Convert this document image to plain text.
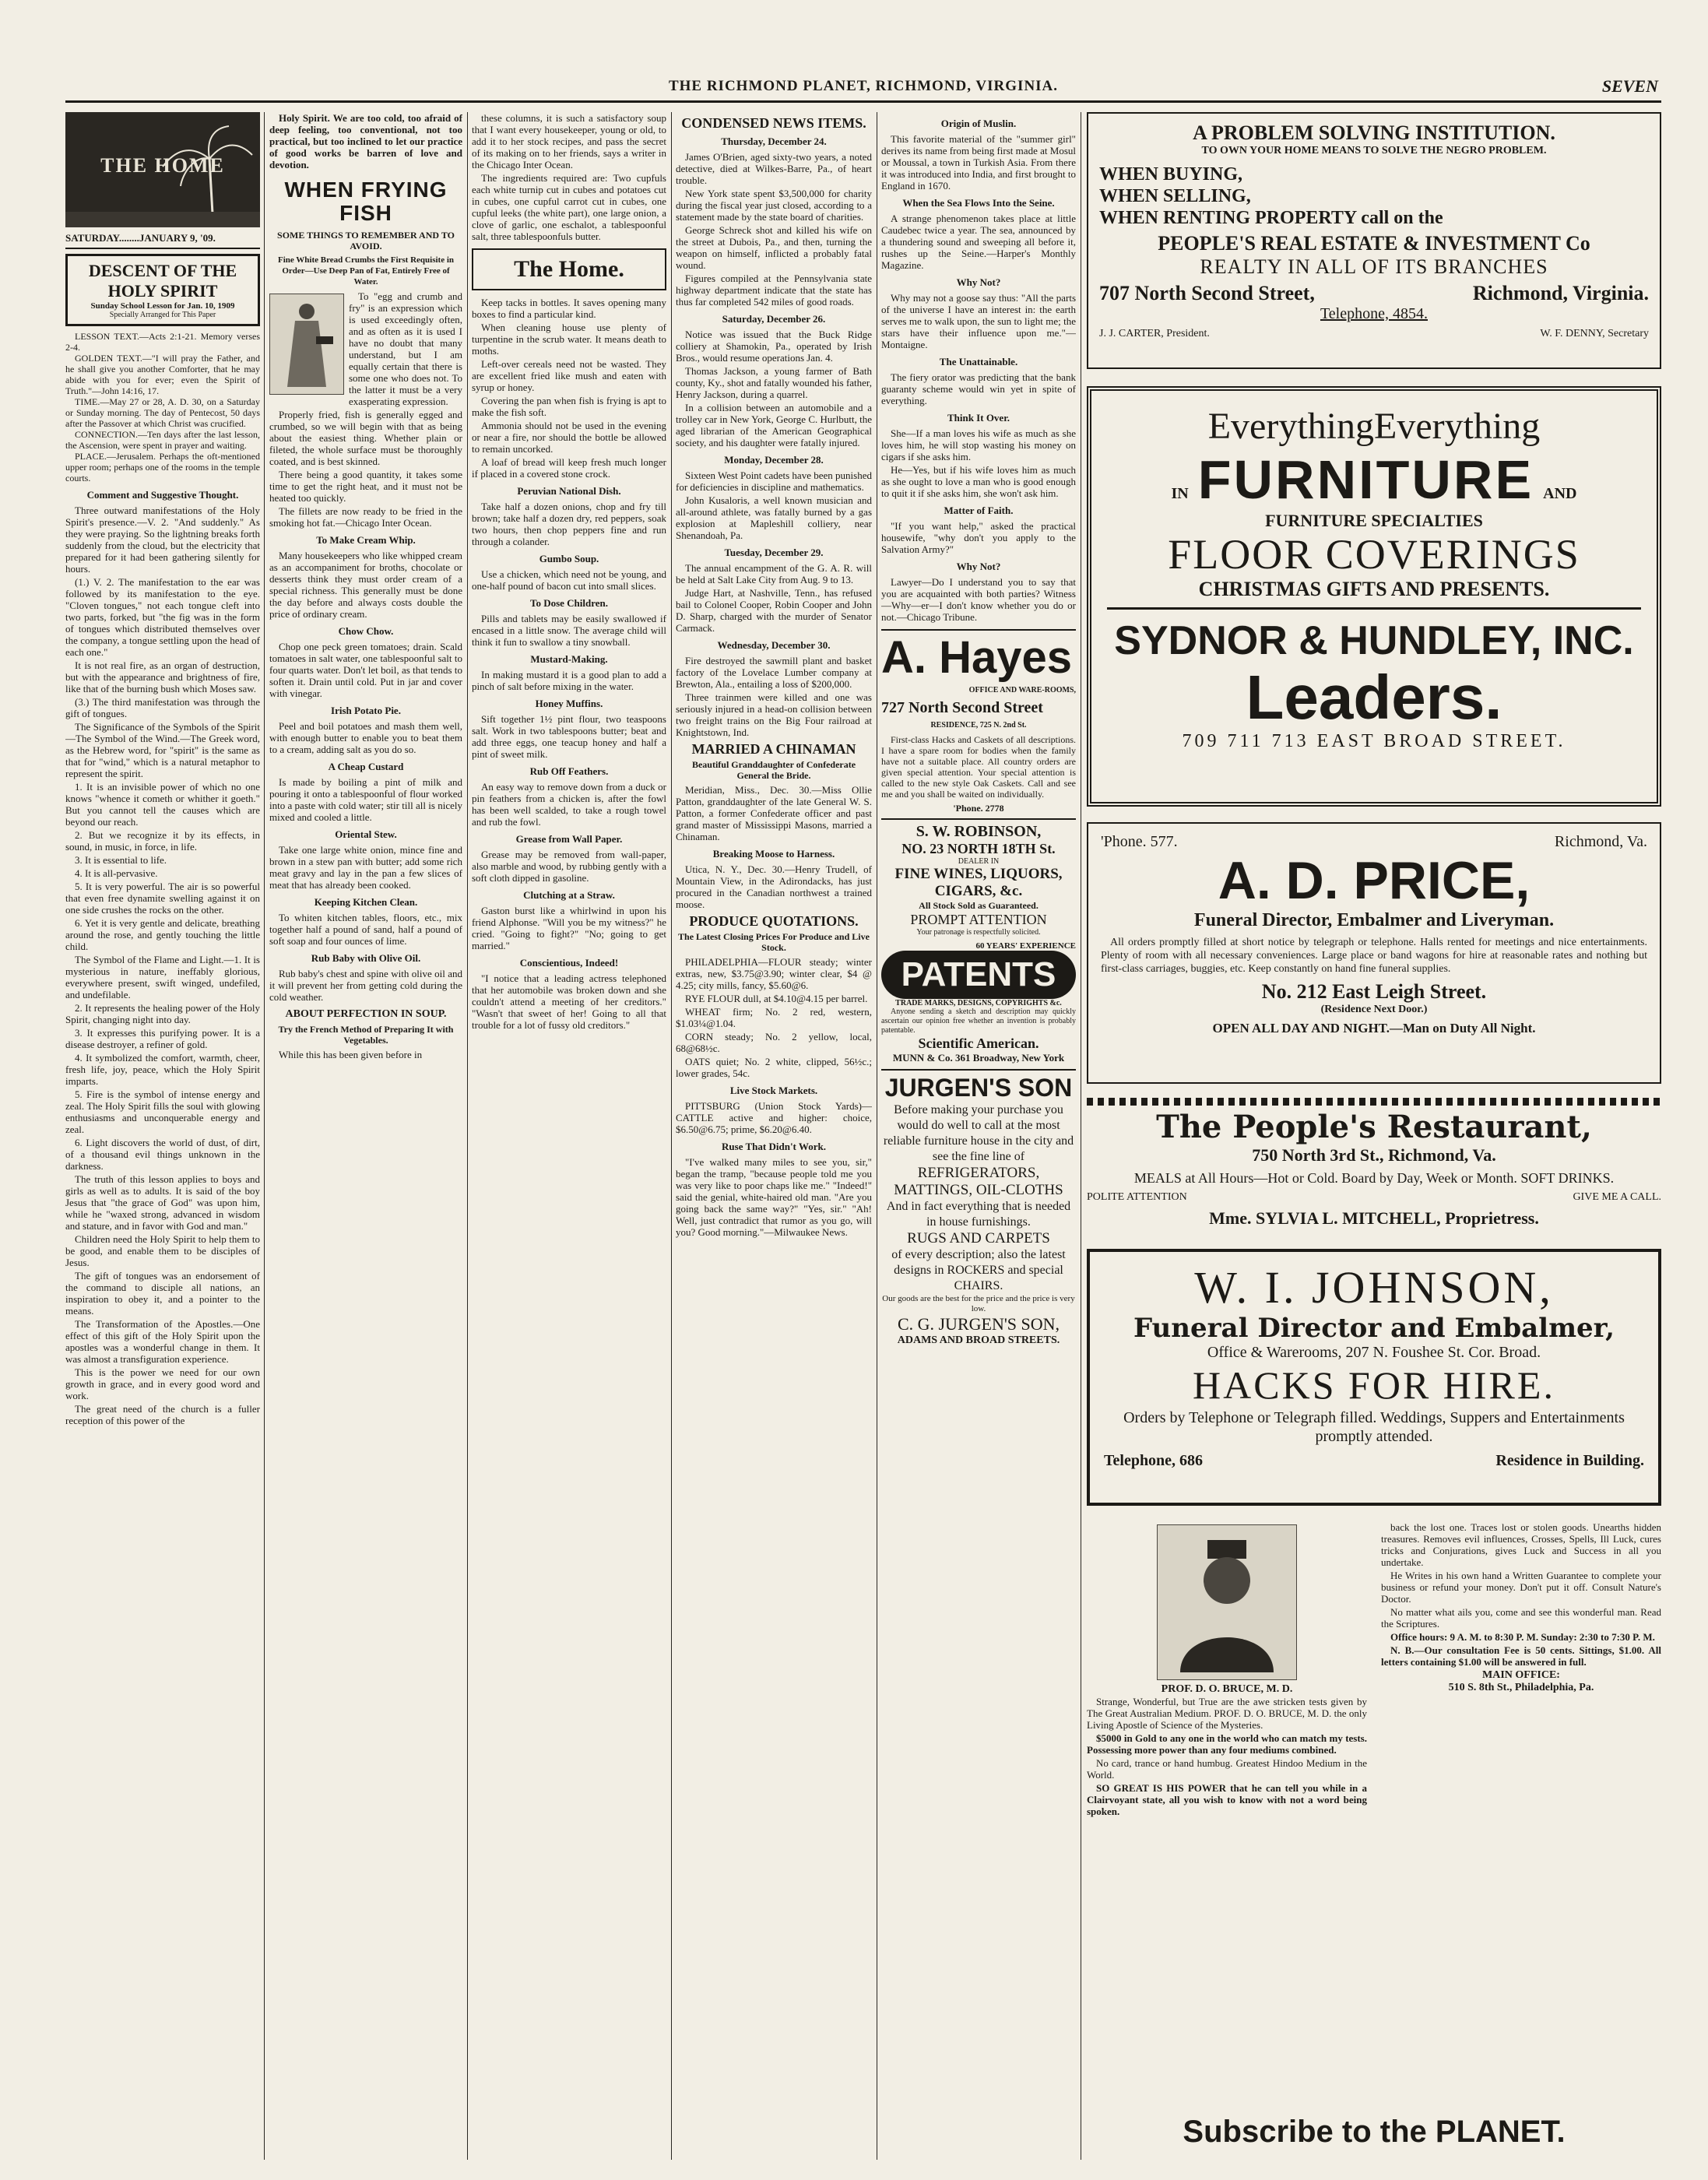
THE RICHMOND PLANET, RICHMOND, VIRGINIA.	SEVEN
THE HOME
SATURDAY........JANUARY 9, '09.
DESCENT OF THE HOLY SPIRIT
Sunday School Lesson for Jan. 10, 1909
Specially Arranged for This Paper

LESSON TEXT.—Acts 2:1-21. Memory verses 2-4.

GOLDEN TEXT.—"I will pray the Father, and he shall give you another Comforter, that he may abide with you for ever; even the Spirit of Truth."—John 14:16, 17.

TIME.—May 27 or 28, A. D. 30, on a Saturday or Sunday morning. The day of Pentecost, 50 days after the Passover at which Christ was crucified.

CONNECTION.—Ten days after the last lesson, the Ascension, were spent in prayer and waiting.

PLACE.—Jerusalem. Perhaps the oft-mentioned upper room; perhaps one of the rooms in the temple courts.

Comment and Suggestive Thought.

Three outward manifestations of the Holy Spirit's presence.—V. 2. "And suddenly." As they were praying. So the lightning breaks forth suddenly from the cloud, but the electricity that prepared for it had been gathering silently for hours.

(1.) V. 2. The manifestation to the ear was followed by its manifestation to the eye. "Cloven tongues," not each tongue cleft into two parts, forked, but "the fig was in the form of tongues which distributed themselves over the company, a tongue settling upon the head of each one."

It is not real fire, as an organ of destruction, but with the appearance and brightness of fire, like that of the burning bush which Moses saw.

(3.) The third manifestation was through the gift of tongues.

The Significance of the Symbols of the Spirit—The Symbol of the Wind.—The Greek word, as the Hebrew word, for "spirit" is the same as that for "wind," which is a natural metaphor to represent the spirit.

1. It is an invisible power of which no one knows "whence it cometh or whither it goeth." But you cannot tell the causes which are beyond our reach.

2. But we recognize it by its effects, in sound, in music, in force, in life.

3. It is essential to life.

4. It is all-pervasive.

5. It is very powerful. The air is so powerful that even free dynamite swelling against it on one side crushes the rocks on the other.

6. Yet it is very gentle and delicate, breathing around the rose, and gently touching the little child.

The Symbol of the Flame and Light.—1. It is mysterious in nature, ineffably glorious, everywhere present, swift winged, undefiled, and undefilable.

2. It represents the healing power of the Holy Spirit, changing night into day.

3. It expresses this purifying power. It is a disease destroyer, a refiner of gold.

4. It symbolized the comfort, warmth, cheer, fresh life, joy, peace, which the Holy Spirit imparts.

5. Fire is the symbol of intense energy and zeal. The Holy Spirit fills the soul with glowing enthusiasms and unconquerable energy and zeal.

6. Light discovers the world of dust, of dirt, of a thousand evil things unknown in the darkness.

The truth of this lesson applies to boys and girls as well as to adults. It is said of the boy Jesus that "the grace of God" was upon him, while he "waxed strong, advanced in wisdom and stature, and in favor with God and man."

Children need the Holy Spirit to help them to be good, and enable them to be disciples of Jesus.

The gift of tongues was an endorsement of the command to disciple all nations, an inspiration to obey it, and a pointer to the means.

The Transformation of the Apostles.—One effect of this gift of the Holy Spirit upon the apostles was a wonderful change in them. It was almost a transfiguration experience.

This is the power we need for our own growth in grace, and in every good word and work.

The great need of the church is a fuller reception of this power of the

Holy Spirit. We are too cold, too afraid of deep feeling, too conventional, not too practical, but too inclined to let our practice of good works be barren of love and devotion.

WHEN FRYING FISH
SOME THINGS TO REMEMBER AND TO AVOID.
Fine White Bread Crumbs the First Requisite in Order—Use Deep Pan of Fat, Entirely Free of Water.

To "egg and crumb and fry" is an expression which is used exceedingly often, and as often as it is used I have no doubt that many understand, but I am equally certain that there is some one who does not. To the latter it must be a very exasperating expression.

Properly fried, fish is generally egged and crumbed, so we will begin with that as being about the easiest thing. Whether plain or fileted, the whole surface must be thoroughly coated, and is best skinned.

There being a good quantity, it takes some time to get the right heat, and it must not be heated too quickly.

The fillets are now ready to be fried in the smoking hot fat.—Chicago Inter Ocean.

To Make Cream Whip.

Many housekeepers who like whipped cream as an accompaniment for broths, chocolate or desserts think they must order cream of a special richness. This generally must be done the day before and always costs double the price of ordinary cream.

Chow Chow.

Chop one peck green tomatoes; drain. Scald tomatoes in salt water, one tablespoonful salt to four quarts water. Don't let boil, as that tends to soften it. Drain until cold. Put in jar and cover with vinegar.

Irish Potato Pie.

Peel and boil potatoes and mash them well, with enough butter to enable you to beat them to a cream, adding salt as you do so.

A Cheap Custard

Is made by boiling a pint of milk and pouring it onto a tablespoonful of flour worked into a paste with cold water; stir till all is nicely mixed and cooled a little.

Oriental Stew.

Take one large white onion, mince fine and brown in a stew pan with butter; add some rich meat gravy and lay in the pan a few slices of meat that has already been cooked.

Keeping Kitchen Clean.

To whiten kitchen tables, floors, etc., mix together half a pound of sand, half a pound of soft soap and four ounces of lime.

Rub Baby with Olive Oil.

Rub baby's chest and spine with olive oil and it will prevent her from getting cold during the cold weather.

ABOUT PERFECTION IN SOUP.
Try the French Method of Preparing It with Vegetables.

While this has been given before in

these columns, it is such a satisfactory soup that I want every housekeeper, young or old, to add it to her stock recipes, and pass the secret of its making on to her friends, says a writer in the Chicago Inter Ocean.

The ingredients required are: Two cupfuls each white turnip cut in cubes and potatoes cut in cubes, one cupful carrot cut in cubes, one cupful leeks (the white part), one large onion, a clove of garlic, one eschalot, a tablespoonful salt, three tablespoonfuls butter.

The Home.

Keep tacks in bottles. It saves opening many boxes to find a particular kind.

When cleaning house use plenty of turpentine in the scrub water. It means death to moths.

Left-over cereals need not be wasted. They are excellent fried like mush and eaten with syrup or honey.

Covering the pan when fish is frying is apt to make the fish soft.

Ammonia should not be used in the evening or near a fire, nor should the bottle be allowed to remain uncorked.

A loaf of bread will keep fresh much longer if placed in a covered stone crock.

Peruvian National Dish.

Take half a dozen onions, chop and fry till brown; take half a dozen dry, red peppers, soak two hours, then chop peppers fine and run through a colander.

Gumbo Soup.

Use a chicken, which need not be young, and one-half pound of bacon cut into small slices.

To Dose Children.

Pills and tablets may be easily swallowed if encased in a little snow. The average child will think it fun to swallow a tiny snowball.

Mustard-Making.

In making mustard it is a good plan to add a pinch of salt before mixing in the water.

Honey Muffins.

Sift together 1½ pint flour, two teaspoons salt. Work in two tablespoons butter; beat and add three eggs, one teacup honey and half a pint of sweet milk.

Rub Off Feathers.

An easy way to remove down from a duck or pin feathers from a chicken is, after the fowl has been well scalded, to take a rough towel and rub the fowl.

Grease from Wall Paper.

Grease may be removed from wall-paper, also marble and wood, by rubbing gently with a soft cloth dipped in gasoline.

Clutching at a Straw.

Gaston burst like a whirlwind in upon his friend Alphonse. "Will you be my witness?" he cried. "Going to fight?" "No; going to get married."

Conscientious, Indeed!

"I notice that a leading actress telephoned that her automobile was broken down and she couldn't attend a meeting of her creditors." "Wasn't that sweet of her! Going to all that trouble for a lot of fussy old creditors."

CONDENSED NEWS ITEMS.
Thursday, December 24.

James O'Brien, aged sixty-two years, a noted detective, died at Wilkes-Barre, Pa., of heart trouble.

New York state spent $3,500,000 for charity during the fiscal year just closed, according to a statement made by the state board of charities.

George Schreck shot and killed his wife on the street at Dubois, Pa., and then, turning the weapon on himself, inflicted a probably fatal wound.

Figures compiled at the Pennsylvania state highway department indicate that the state has thus far completed 542 miles of good roads.

Saturday, December 26.

Notice was issued that the Buck Ridge colliery at Shamokin, Pa., operated by Irish Bros., would resume operations Jan. 4.

Thomas Jackson, a young farmer of Bath county, Ky., shot and fatally wounded his father, Henry Jackson, during a quarrel.

In a collision between an automobile and a trolley car in New York, George C. Hurlbutt, the aged librarian of the American Geographical society, and his daughter were fatally injured.

Monday, December 28.

Sixteen West Point cadets have been punished for deficiencies in discipline and mathematics.

John Kusaloris, a well known musician and all-around athlete, was fatally burned by a gas explosion at Mapleshill colliery, near Shenandoah, Pa.

Tuesday, December 29.

The annual encampment of the G. A. R. will be held at Salt Lake City from Aug. 9 to 13.

Judge Hart, at Nashville, Tenn., has refused bail to Colonel Cooper, Robin Cooper and John D. Sharp, charged with the murder of Senator Carmack.

Wednesday, December 30.

Fire destroyed the sawmill plant and basket factory of the Lovelace Lumber company at Brewton, Ala., entailing a loss of $200,000.

Three trainmen were killed and one was seriously injured in a head-on collision between two freight trains on the Big Four railroad at Knightstown, Ind.

MARRIED A CHINAMAN
Beautiful Granddaughter of Confederate General the Bride.

Meridian, Miss., Dec. 30.—Miss Ollie Patton, granddaughter of the late General W. S. Patton, a former Confederate officer and past grand master of Mississippi Masons, married a Chinaman.

Breaking Moose to Harness.

Utica, N. Y., Dec. 30.—Henry Trudell, of Mountain View, in the Adirondacks, has just procured in the Canadian northwest a trained moose.

PRODUCE QUOTATIONS.
The Latest Closing Prices For Produce and Live Stock.

PHILADELPHIA—FLOUR steady; winter extras, new, $3.75@3.90; winter clear, $4 @ 4.25; city mills, fancy, $5.60@6.

RYE FLOUR dull, at $4.10@4.15 per barrel.

WHEAT firm; No. 2 red, western, $1.03¼@1.04.

CORN steady; No. 2 yellow, local, 68@68½c.

OATS quiet; No. 2 white, clipped, 56½c.; lower grades, 54c.

Live Stock Markets.

PITTSBURG (Union Stock Yards)—CATTLE active and higher: choice, $6.50@6.75; prime, $6.20@6.40.

Ruse That Didn't Work.

"I've walked many miles to see you, sir," began the tramp, "because people told me you was very like to poor chaps like me." "Indeed!" said the genial, white-haired old man. "Are you going back the same way?" "Yes, sir." "Ah! Well, just contradict that rumor as you go, will you? Good morning."—Milwaukee News.

Origin of Muslin.

This favorite material of the "summer girl" derives its name from being first made at Mosul or Moussal, a town in Turkish Asia. From there it was introduced into India, and first brought to England in 1670.

When the Sea Flows Into the Seine.

A strange phenomenon takes place at little Caudebec twice a year. The sea, announced by a thundering sound and sweeping all before it, rushes up the Seine.—Harper's Monthly Magazine.

Why Not?

Why may not a goose say thus: "All the parts of the universe I have an interest in: the earth serves me to walk upon, the sun to light me; the stars have their influence upon me."—Montaigne.

The Unattainable.

The fiery orator was predicting that the bank guaranty scheme would win yet in spite of everything.

Think It Over.

She—If a man loves his wife as much as she loves him, he will stop wasting his money on cigars if she asks him.

He—Yes, but if his wife loves him as much as she ought to love a man who is good enough to quit it if she asks him, she won't ask him.

Matter of Faith.

"If you want help," asked the practical housewife, "why don't you apply to the Salvation Army?"

Why Not?

Lawyer—Do I understand you to say that you are acquainted with both parties? Witness—Why—er—I don't know whether you do or not.—Chicago Tribune.

A. Hayes
OFFICE AND WARE-ROOMS,
727 North Second Street
RESIDENCE, 725 N. 2nd St.

First-class Hacks and Caskets of all descriptions. I have a spare room for bodies when the family have not a suitable place. All country orders are given special attention. Your special attention is called to the new style Oak Caskets. Call and see me and you shall be waited on individually.

'Phone. 2778
S. W. ROBINSON,
NO. 23 NORTH 18TH St.
DEALER IN
FINE WINES, LIQUORS, CIGARS, &c.
All Stock Sold as Guaranteed.
PROMPT ATTENTION
Your patronage is respectfully solicited.
60 YEARS' EXPERIENCE
PATENTS
TRADE MARKS, DESIGNS, COPYRIGHTS &c.

Anyone sending a sketch and description may quickly ascertain our opinion free whether an invention is probably patentable.

Scientific American.
MUNN & Co. 361 Broadway, New York
JURGEN'S SON
Before making your purchase you would do well to call at the most reliable furniture house in the city and see the fine line of
REFRIGERATORS, MATTINGS, OIL-CLOTHS
And in fact everything that is needed in house furnishings.
RUGS AND CARPETS
of every description; also the latest designs in ROCKERS and special CHAIRS.
Our goods are the best for the price and the price is very low.
C. G. JURGEN'S SON,
ADAMS AND BROAD STREETS.
A PROBLEM SOLVING INSTITUTION.
TO OWN YOUR HOME MEANS TO SOLVE THE NEGRO PROBLEM.
WHEN BUYING,
WHEN SELLING,
WHEN RENTING PROPERTY call on the
PEOPLE'S REAL ESTATE & INVESTMENT Co
REALTY IN ALL OF ITS BRANCHES
707 North Second Street,	Richmond, Virginia.
Telephone, 4854.
J. J. CARTER, President.	W. F. DENNY, Secretary
EverythingEverything
IN FURNITURE AND
FURNITURE SPECIALTIES
FLOOR COVERINGS
CHRISTMAS GIFTS AND PRESENTS.
SYDNOR & HUNDLEY, INC.
Leaders.
709 711 713 EAST BROAD STREET.
'Phone. 577.	Richmond, Va.
A. D. PRICE,
Funeral Director, Embalmer and Liveryman.

All orders promptly filled at short notice by telegraph or telephone. Halls rented for meetings and nice entertainments. Plenty of room with all necessary conveniences. Large place or band wagons for hire at reasonable rates and nothing but first-class carriages, buggies, etc. Keep constantly on hand fine funeral supplies.

No. 212 East Leigh Street.
(Residence Next Door.)
OPEN ALL DAY AND NIGHT.—Man on Duty All Night.
The People's Restaurant,
750 North 3rd St., Richmond, Va.
MEALS at All Hours—Hot or Cold. Board by Day, Week or Month. SOFT DRINKS.
POLITE ATTENTION	GIVE ME A CALL.
Mme. SYLVIA L. MITCHELL, Proprietress.
W. I. JOHNSON,
Funeral Director and Embalmer,
Office & Warerooms, 207 N. Foushee St. Cor. Broad.
HACKS FOR HIRE.
Orders by Telephone or Telegraph filled. Weddings, Suppers and Entertainments promptly attended.
Telephone, 686	Residence in Building.
PROF. D. O. BRUCE, M. D.

Strange, Wonderful, but True are the awe stricken tests given by The Great Australian Medium. PROF. D. O. BRUCE, M. D. the only Living Apostle of Science of the Mysteries.

$5000 in Gold to any one in the world who can match my tests. Possessing more power than any four mediums combined.

No card, trance or hand humbug. Greatest Hindoo Medium in the World.

SO GREAT IS HIS POWER that he can tell you while in a Clairvoyant state, all you wish to know with not a word being spoken.

back the lost one. Traces lost or stolen goods. Unearths hidden treasures. Removes evil influences, Crosses, Spells, Ill Luck, cures tricks and Conjurations, gives Luck and Success in all you undertake.

He Writes in his own hand a Written Guarantee to complete your business or refund your money. Don't put it off. Consult Nature's Doctor.

No matter what ails you, come and see this wonderful man. Read the Scriptures.

Office hours: 9 A. M. to 8:30 P. M. Sunday: 2:30 to 7:30 P. M.

N. B.—Our consultation Fee is 50 cents. Sittings, $1.00. All letters containing $1.00 will be answered in full.

MAIN OFFICE:
510 S. 8th St., Philadelphia, Pa.
Subscribe to the PLANET.
